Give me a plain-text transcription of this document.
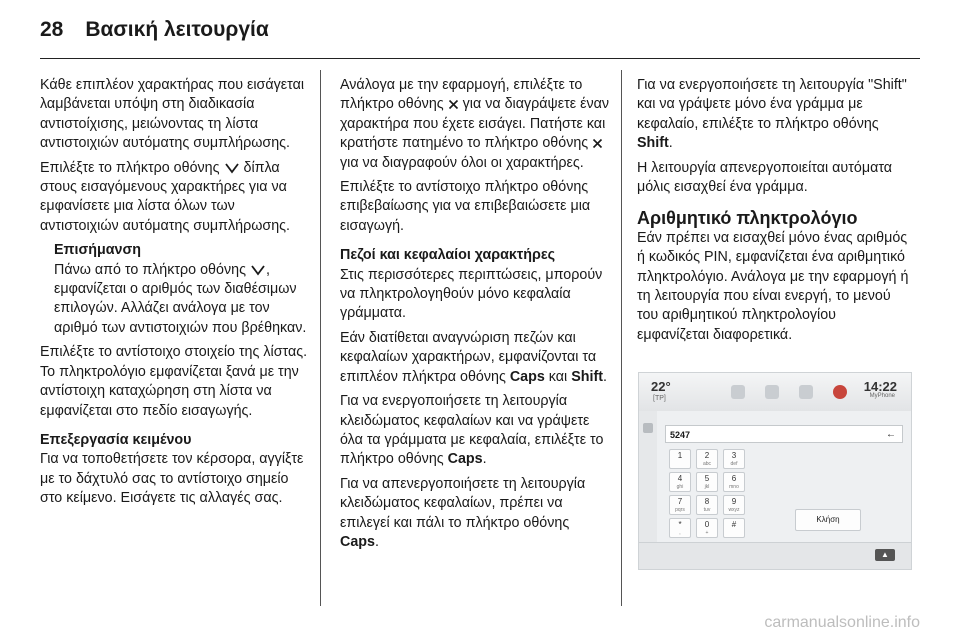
28 Βασική λειτουργία

Κάθε επιπλέον χαρακτήρας που εισάγεται λαμβάνεται υπόψη στη διαδικασία αντιστοίχισης, μειώνοντας τη λίστα αντιστοιχιών αυτόματης συμπλήρωσης.

Επιλέξτε το πλήκτρο οθόνης δίπλα στους εισαγόμενους χαρακτήρες για να εμφανίσετε μια λίστα όλων των αντιστοιχιών αυτόματης συμπλήρωσης.

Επισήμανση
Πάνω από το πλήκτρο οθόνης , εμφανίζεται ο αριθμός των διαθέσιμων επιλογών. Αλλάζει ανάλογα με τον αριθμό των αντιστοιχιών που βρέθηκαν.

Επιλέξτε το αντίστοιχο στοιχείο της λίστας. Το πληκτρολόγιο εμφανίζεται ξανά με την αντίστοιχη καταχώρηση στη λίστα να εμφανίζεται στο πεδίο εισαγωγής.

Επεξεργασία κειμένου

Για να τοποθετήσετε τον κέρσορα, αγγίξτε με το δάχτυλό σας το αντίστοιχο σημείο στο κείμενο. Εισάγετε τις αλλαγές σας.

Ανάλογα με την εφαρμογή, επιλέξτε το πλήκτρο οθόνης για να διαγράψετε έναν χαρακτήρα που έχετε εισάγει. Πατήστε και κρατήστε πατημένο το πλήκτρο οθόνης  για να διαγραφούν όλοι οι χαρακτήρες.

Επιλέξτε το αντίστοιχο πλήκτρο οθόνης επιβεβαίωσης για να επιβεβαιώσετε μια εισαγωγή.

Πεζοί και κεφαλαίοι χαρακτήρες

Στις περισσότερες περιπτώσεις, μπορούν να πληκτρολογηθούν μόνο κεφαλαία γράμματα.

Εάν διατίθεται αναγνώριση πεζών και κεφαλαίων χαρακτήρων, εμφανίζονται τα επιπλέον πλήκτρα οθόνης Caps και Shift.

Για να ενεργοποιήσετε τη λειτουργία κλειδώματος κεφαλαίων και να γράψετε όλα τα γράμματα με κεφαλαία, επιλέξτε το πλήκτρο οθόνης Caps.

Για να απενεργοποιήσετε τη λειτουργία κλειδώματος κεφαλαίων, πρέπει να επιλεγεί και πάλι το πλήκτρο οθόνης Caps.

Για να ενεργοποιήσετε τη λειτουργία "Shift" και να γράψετε μόνο ένα γράμμα με κεφαλαίο, επιλέξτε το πλήκτρο οθόνης Shift.

Η λειτουργία απενεργοποιείται αυτόματα μόλις εισαχθεί ένα γράμμα.

Αριθμητικό πληκτρολόγιο

Εάν πρέπει να εισαχθεί μόνο ένας αριθμός ή κωδικός PIN, εμφανίζεται ένα αριθμητικό πληκτρολόγιο. Ανάλογα με την εφαρμογή ή τη λειτουργία που είναι ενεργή, το μενού του αριθμητικού πληκτρολογίου εμφανίζεται διαφορετικά.

22°
[TP]
14:22
MyPhone
5247	←
1	2
abc
3
def
4
ghi
5
jkl
6
mno
7
pqrs
8
tuv
9
wxyz
*
,
0
+
#
Κλήση
▲
carmanualsonline.info
